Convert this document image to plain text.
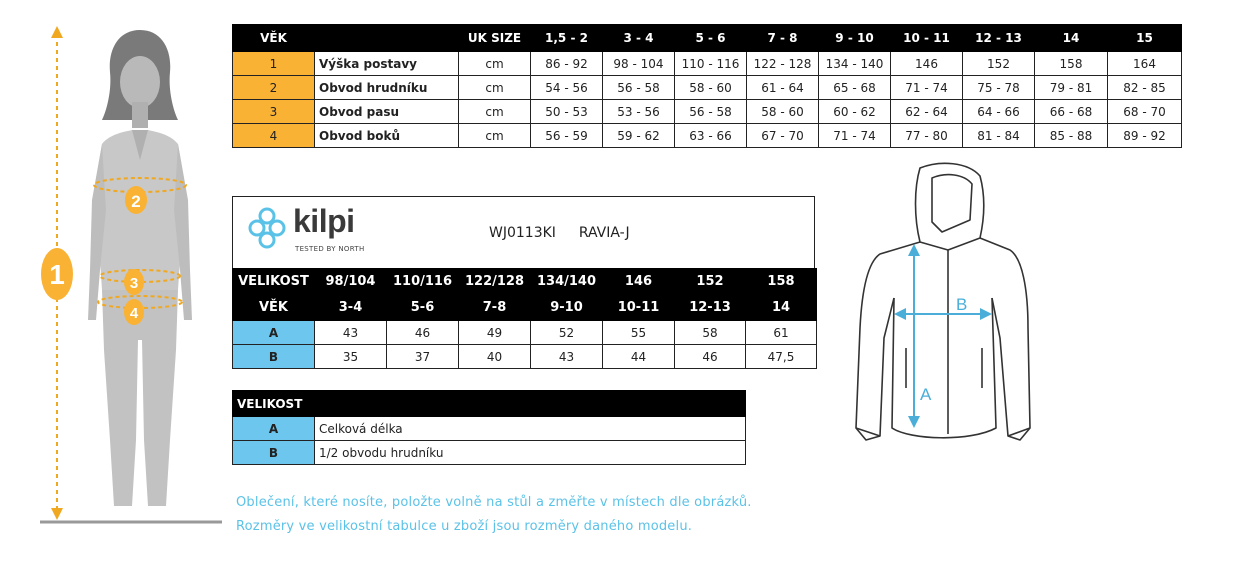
1
2
3
4
VĚK		UK SIZE	1,5 - 2	3 - 4	5 - 6	7 - 8	9 - 10	10 - 11	12 - 13	14	15
1	Výška postavy	cm	86 - 92	98 - 104	110 - 116	122 - 128	134 - 140	146	152	158	164
2	Obvod hrudníku	cm	54 - 56	56 - 58	58 - 60	61 - 64	65 - 68	71 - 74	75 - 78	79 - 81	82 - 85
3	Obvod pasu	cm	50 - 53	53 - 56	56 - 58	58 - 60	60 - 62	62 - 64	64 - 66	66 - 68	68 - 70
4	Obvod boků	cm	56 - 59	59 - 62	63 - 66	67 - 70	71 - 74	77 - 80	81 - 84	85 - 88	89 - 92
kilpi
TESTED BY NORTH
WJ0113KI RAVIA-J
VELIKOST	98/104	110/116	122/128	134/140	146	152	158
VĚK	3-4	5-6	7-8	9-10	10-11	12-13	14
A	43	46	49	52	55	58	61
B	35	37	40	43	44	46	47,5
VELIKOST	
A	Celková délka
B	1/2 obvodu hrudníku
A
B
Oblečení, které nosíte, položte volně na stůl a změřte v místech dle obrázků.
Rozměry ve velikostní tabulce u zboží jsou rozměry daného modelu.
